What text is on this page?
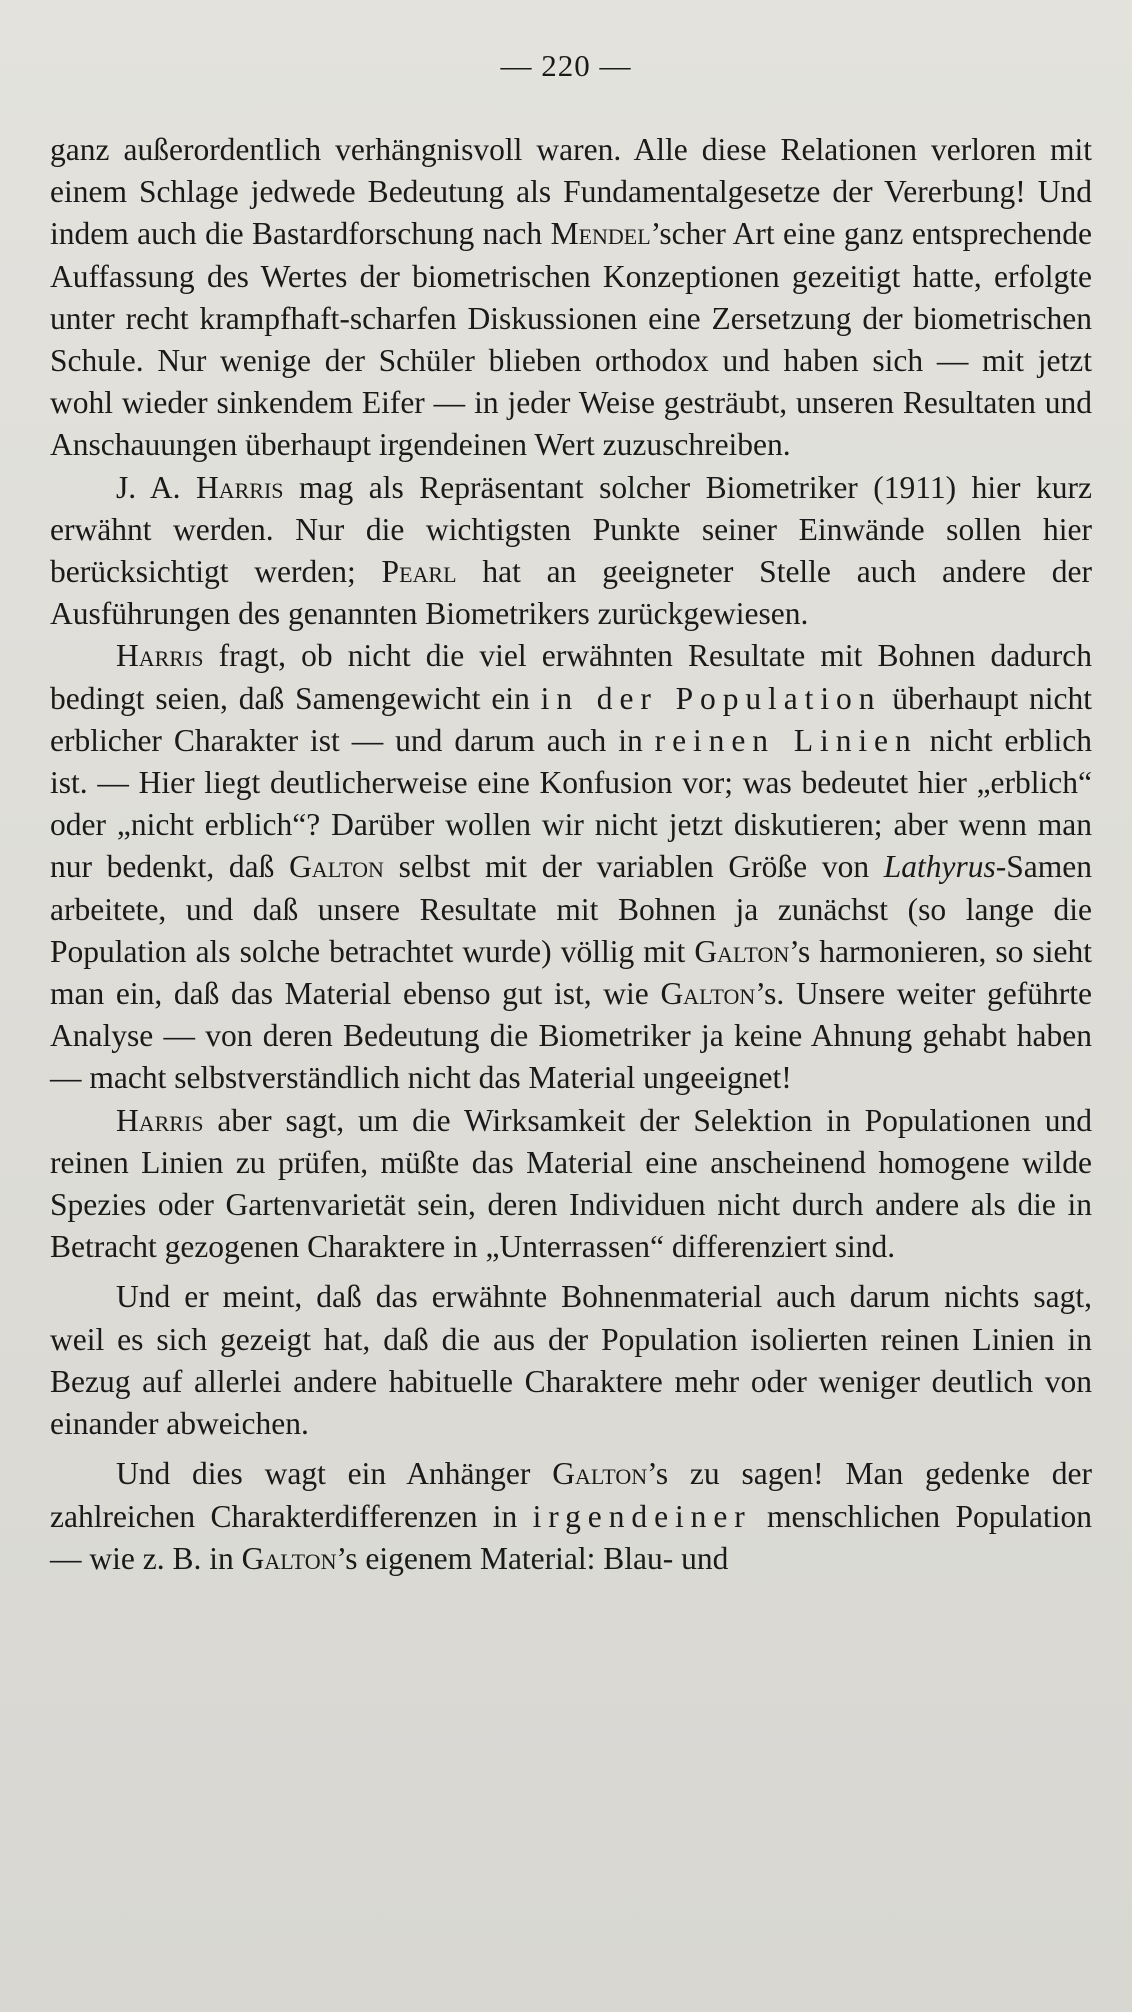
— 220 —

ganz außerordentlich verhängnisvoll waren. Alle diese Relationen verloren mit einem Schlage jedwede Bedeutung als Fundamentalgesetze der Vererbung! Und indem auch die Bastardforschung nach Mendel’scher Art eine ganz entsprechende Auffassung des Wertes der biometrischen Konzeptionen gezeitigt hatte, erfolgte unter recht krampfhaft-scharfen Diskussionen eine Zersetzung der biometrischen Schule. Nur wenige der Schüler blieben orthodox und haben sich — mit jetzt wohl wieder sinkendem Eifer — in jeder Weise gesträubt, unseren Resultaten und Anschauungen überhaupt irgendeinen Wert zuzuschreiben.

J. A. Harris mag als Repräsentant solcher Biometriker (1911) hier kurz erwähnt werden. Nur die wichtigsten Punkte seiner Einwände sollen hier berücksichtigt werden; Pearl hat an geeigneter Stelle auch andere der Ausführungen des genannten Biometrikers zurückgewiesen.

Harris fragt, ob nicht die viel erwähnten Resultate mit Bohnen dadurch bedingt seien, daß Samengewicht ein in der Population überhaupt nicht erblicher Charakter ist — und darum auch in reinen Linien nicht erblich ist. — Hier liegt deutlicherweise eine Konfusion vor; was bedeutet hier „erblich“ oder „nicht erblich“? Darüber wollen wir nicht jetzt diskutieren; aber wenn man nur bedenkt, daß Galton selbst mit der variablen Größe von Lathyrus-Samen arbeitete, und daß unsere Resultate mit Bohnen ja zunächst (so lange die Population als solche betrachtet wurde) völlig mit Galton’s harmonieren, so sieht man ein, daß das Material ebenso gut ist, wie Galton’s. Unsere weiter geführte Analyse — von deren Bedeutung die Biometriker ja keine Ahnung gehabt haben — macht selbstverständlich nicht das Material ungeeignet!

Harris aber sagt, um die Wirksamkeit der Selektion in Populationen und reinen Linien zu prüfen, müßte das Material eine anscheinend homogene wilde Spezies oder Gartenvarietät sein, deren Individuen nicht durch andere als die in Betracht gezogenen Charaktere in „Unterrassen“ differenziert sind.

Und er meint, daß das erwähnte Bohnenmaterial auch darum nichts sagt, weil es sich gezeigt hat, daß die aus der Population isolierten reinen Linien in Bezug auf allerlei andere habituelle Charaktere mehr oder weniger deutlich von einander abweichen.

Und dies wagt ein Anhänger Galton’s zu sagen! Man gedenke der zahlreichen Charakterdifferenzen in irgendeiner menschlichen Population — wie z. B. in Galton’s eigenem Material: Blau- und
